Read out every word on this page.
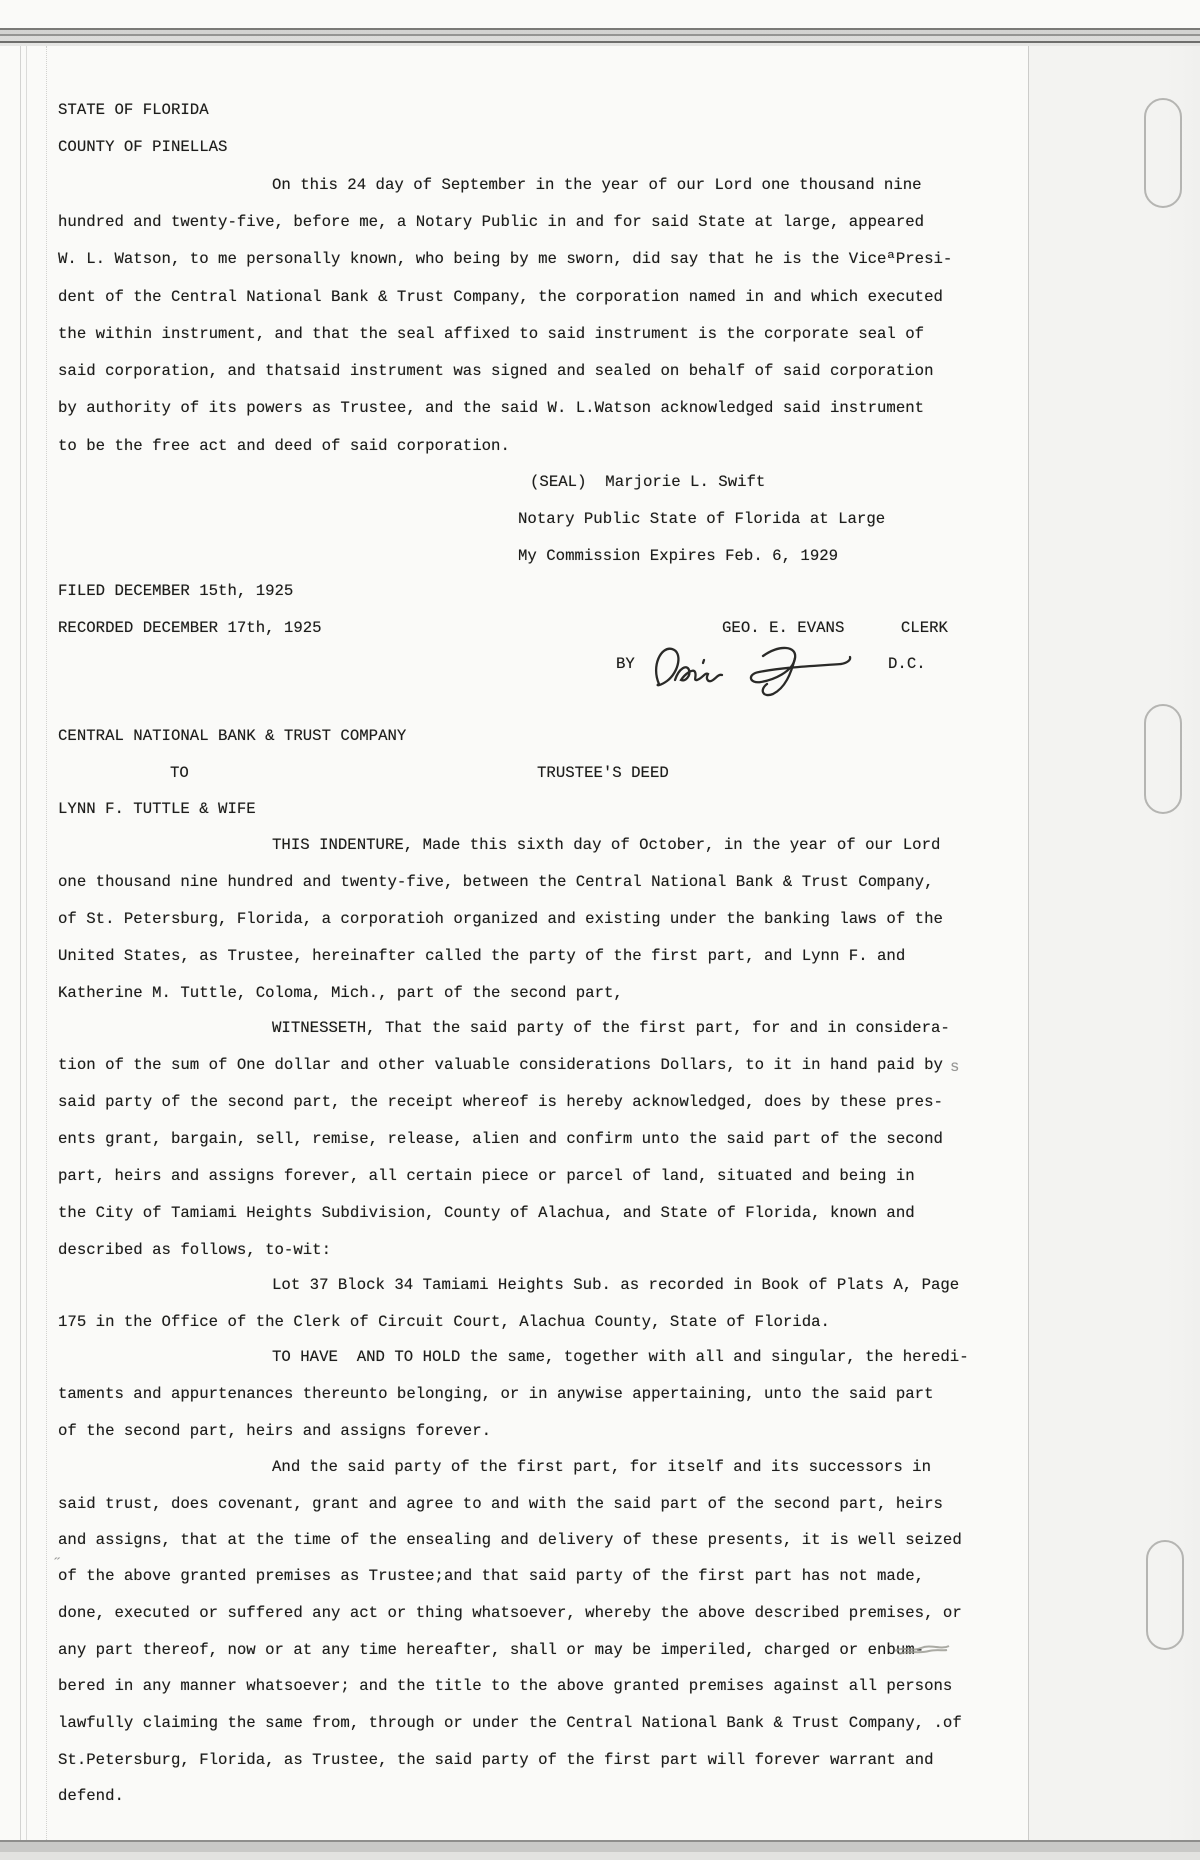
STATE OF FLORIDA
COUNTY OF PINELLAS
On this 24 day of September in the year of our Lord one thousand nine
hundred and twenty-five, before me, a Notary Public in and for said State at large, appeared
W. L. Watson, to me personally known, who being by me sworn, did say that he is the ViceªPresi-
dent of the Central National Bank & Trust Company, the corporation named in and which executed
the within instrument, and that the seal affixed to said instrument is the corporate seal of
said corporation, and thatsaid instrument was signed and sealed on behalf of said corporation
by authority of its powers as Trustee, and the said W. L.Watson acknowledged said instrument
to be the free act and deed of said corporation.
(SEAL)  Marjorie L. Swift
Notary Public State of Florida at Large
My Commission Expires Feb. 6, 1929
FILED DECEMBER 15th, 1925
RECORDED DECEMBER 17th, 1925	GEO. E. EVANS      CLERK
BY	D.C.
CENTRAL NATIONAL BANK & TRUST COMPANY
TO	TRUSTEE'S DEED
LYNN F. TUTTLE & WIFE
THIS INDENTURE, Made this sixth day of October, in the year of our Lord
one thousand nine hundred and twenty-five, between the Central National Bank & Trust Company,
of St. Petersburg, Florida, a corporatioh organized and existing under the banking laws of the
United States, as Trustee, hereinafter called the party of the first part, and Lynn F. and
Katherine M. Tuttle, Coloma, Mich., part of the second part,
WITNESSETH, That the said party of the first part, for and in considera-
tion of the sum of One dollar and other valuable considerations Dollars, to it in hand paid by s
said party of the second part, the receipt whereof is hereby acknowledged, does by these pres-
ents grant, bargain, sell, remise, release, alien and confirm unto the said part of the second
part, heirs and assigns forever, all certain piece or parcel of land, situated and being in
the City of Tamiami Heights Subdivision, County of Alachua, and State of Florida, known and
described as follows, to-wit:
Lot 37 Block 34 Tamiami Heights Sub. as recorded in Book of Plats A, Page
175 in the Office of the Clerk of Circuit Court, Alachua County, State of Florida.
TO HAVE  AND TO HOLD the same, together with all and singular, the heredi-
taments and appurtenances thereunto belonging, or in anywise appertaining, unto the said part
of the second part, heirs and assigns forever.
And the said party of the first part, for itself and its successors in
said trust, does covenant, grant and agree to and with the said part of the second part, heirs
and assigns, that at the time of the ensealing and delivery of these presents, it is well seized
˝
of the above granted premises as Trustee;and that said party of the first part has not made,
done, executed or suffered any act or thing whatsoever, whereby the above described premises, or
any part thereof, now or at any time hereafter, shall or may be imperiled, charged or enbum-
bered in any manner whatsoever; and the title to the above granted premises against all persons
lawfully claiming the same from, through or under the Central National Bank & Trust Company, .of
St.Petersburg, Florida, as Trustee, the said party of the first part will forever warrant and
defend.
